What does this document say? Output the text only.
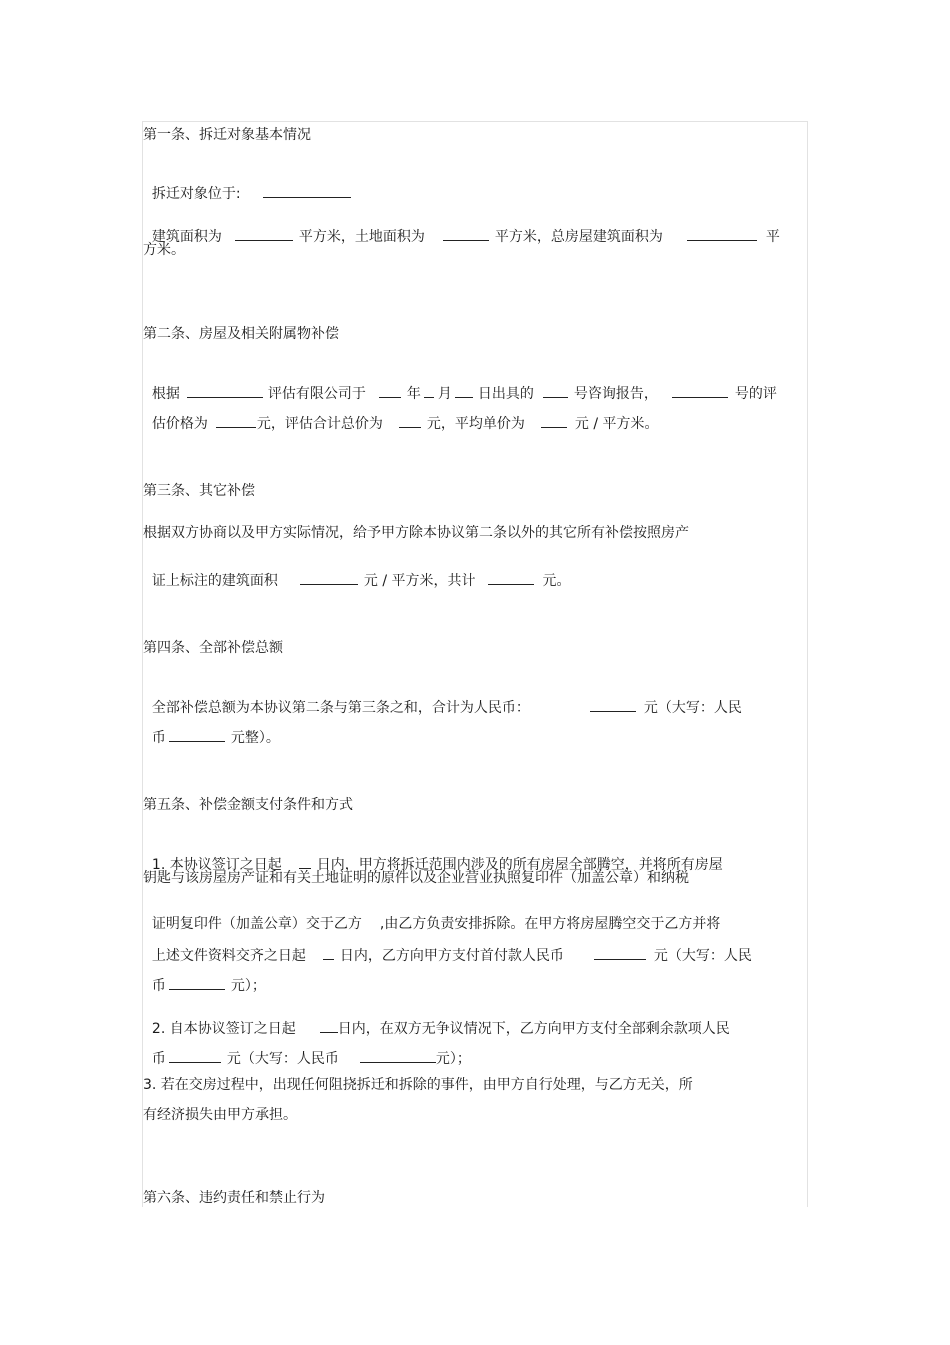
第一条、拆迁对象基本情况

拆迁对象位于:

建筑面积为	平方米，土地面积为	平方米，总房屋建筑面积为	平

方米。
第二条、房屋及相关附属物补偿

根据	评估有限公司于	年 月 日出具的	号咨询报告，	号的评

估价格为	元，评估合计总价为	元，平均单价为	元 / 平方米。

第三条、其它补偿
根据双方协商以及甲方实际情况，给予甲方除本协议第二条以外的其它所有补偿按照房产

证上标注的建筑面积	元 / 平方米，共计	元。

第四条、全部补偿总额

全部补偿总额为本协议第二条与第三条之和，合计为人民币：	元（大写：人民

币	元整）。

第五条、补偿金额支付条件和方式

1. 本协议签订之日起	日内，甲方将拆迁范围内涉及的所有房屋全部腾空，并将所有房屋

钥匙与该房屋房产证和有关土地证明的原件以及企业营业执照复印件（加盖公章）和纳税

证明复印件（加盖公章）交于乙方 ,由乙方负责安排拆除。在甲方将房屋腾空交于乙方并将

上述文件资料交齐之日起 日内，乙方向甲方支付首付款人民币	元（大写：人民

币	元）；

2. 自本协议签订之日起	日内，在双方无争议情况下，乙方向甲方支付全部剩余款项人民

币	元（大写：人民币	元）；

3. 若在交房过程中，出现任何阻挠拆迁和拆除的事件，由甲方自行处理，与乙方无关，所
有经济损失由甲方承担。
第六条、违约责任和禁止行为
